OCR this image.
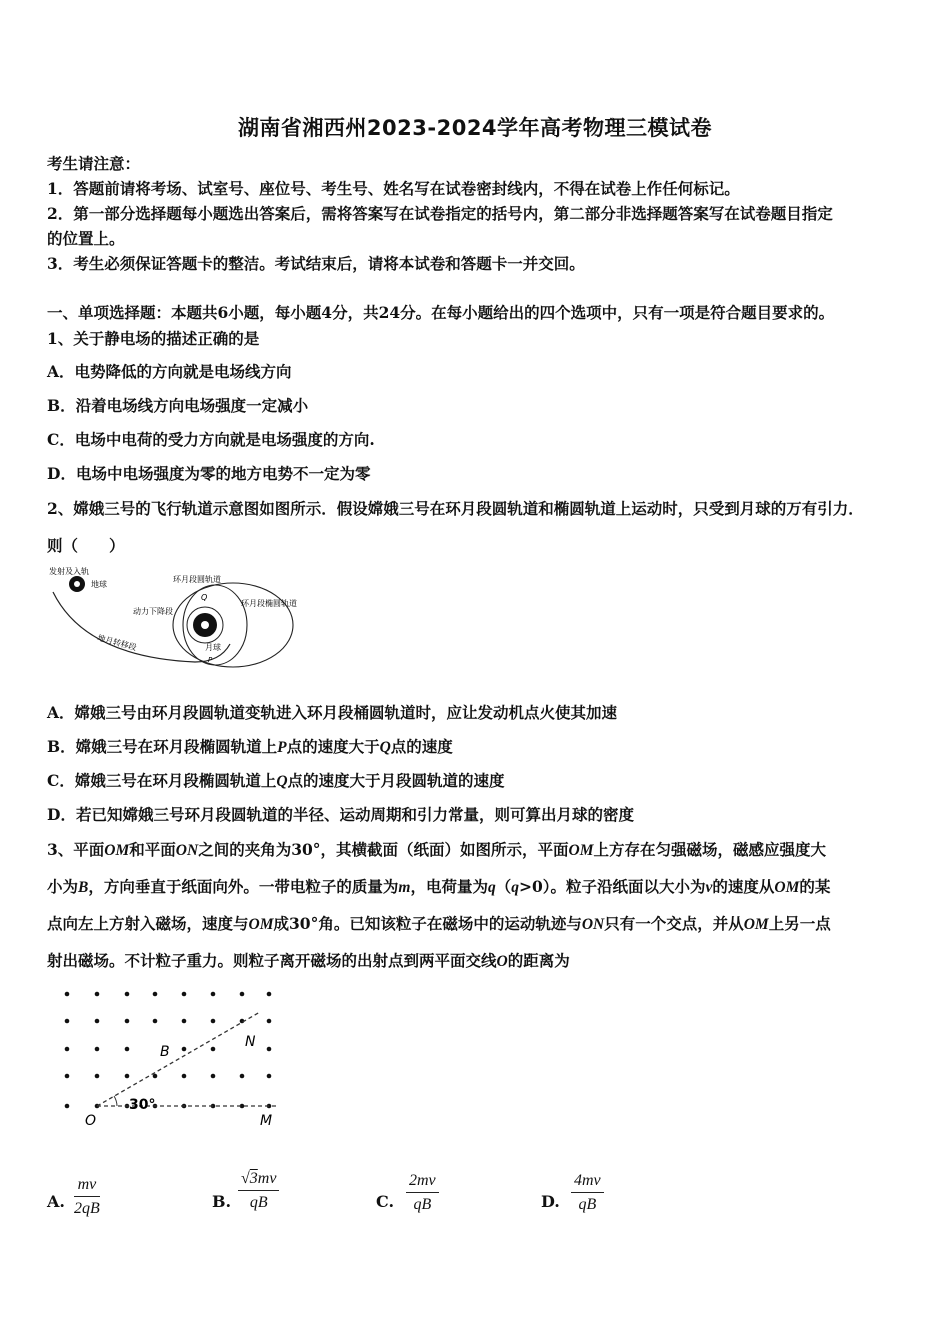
湖南省湘西州2023-2024学年高考物理三模试卷
考生请注意：
1．答题前请将考场、试室号、座位号、考生号、姓名写在试卷密封线内，不得在试卷上作任何标记。
2．第一部分选择题每小题选出答案后，需将答案写在试卷指定的括号内，第二部分非选择题答案写在试卷题目指定
的位置上。
3．考生必须保证答题卡的整洁。考试结束后，请将本试卷和答题卡一并交回。
一、单项选择题：本题共6小题，每小题4分，共24分。在每小题给出的四个选项中，只有一项是符合题目要求的。
1、关于静电场的描述正确的是
A．电势降低的方向就是电场线方向
B．沿着电场线方向电场强度一定减小
C．电场中电荷的受力方向就是电场强度的方向.
D．电场中电场强度为零的地方电势不一定为零
2、嫦娥三号的飞行轨道示意图如图所示．假设嫦娥三号在环月段圆轨道和椭圆轨道上运动时，只受到月球的万有引力．
则（　　）
发射及入轨
地球
环月段圆轨道
环月段椭圆轨道
动力下降段
地月转移段	月球
Q
P
A．嫦娥三号由环月段圆轨道变轨进入环月段桶圆轨道时，应让发动机点火使其加速
B．嫦娥三号在环月段椭圆轨道上P点的速度大于Q点的速度
C．嫦娥三号在环月段椭圆轨道上Q点的速度大于月段圆轨道的速度
D．若已知嫦娥三号环月段圆轨道的半径、运动周期和引力常量，则可算出月球的密度
3、平面OM和平面ON之间的夹角为30°，其横截面（纸面）如图所示，平面OM上方存在匀强磁场，磁感应强度大
小为B，方向垂直于纸面向外。一带电粒子的质量为m，电荷量为q（q>0）。粒子沿纸面以大小为v的速度从OM的某
点向左上方射入磁场，速度与OM成30°角。已知该粒子在磁场中的运动轨迹与ON只有一个交点，并从OM上另一点
射出磁场。不计粒子重力。则粒子离开磁场的出射点到两平面交线O的距离为
B
N
30°
O	M
A. $\frac{mv}{2qB}$	B. $\frac{√3mv}{qB}$	C. $\frac{2mv}{qB}$	D. $\frac{4mv}{qB}$
